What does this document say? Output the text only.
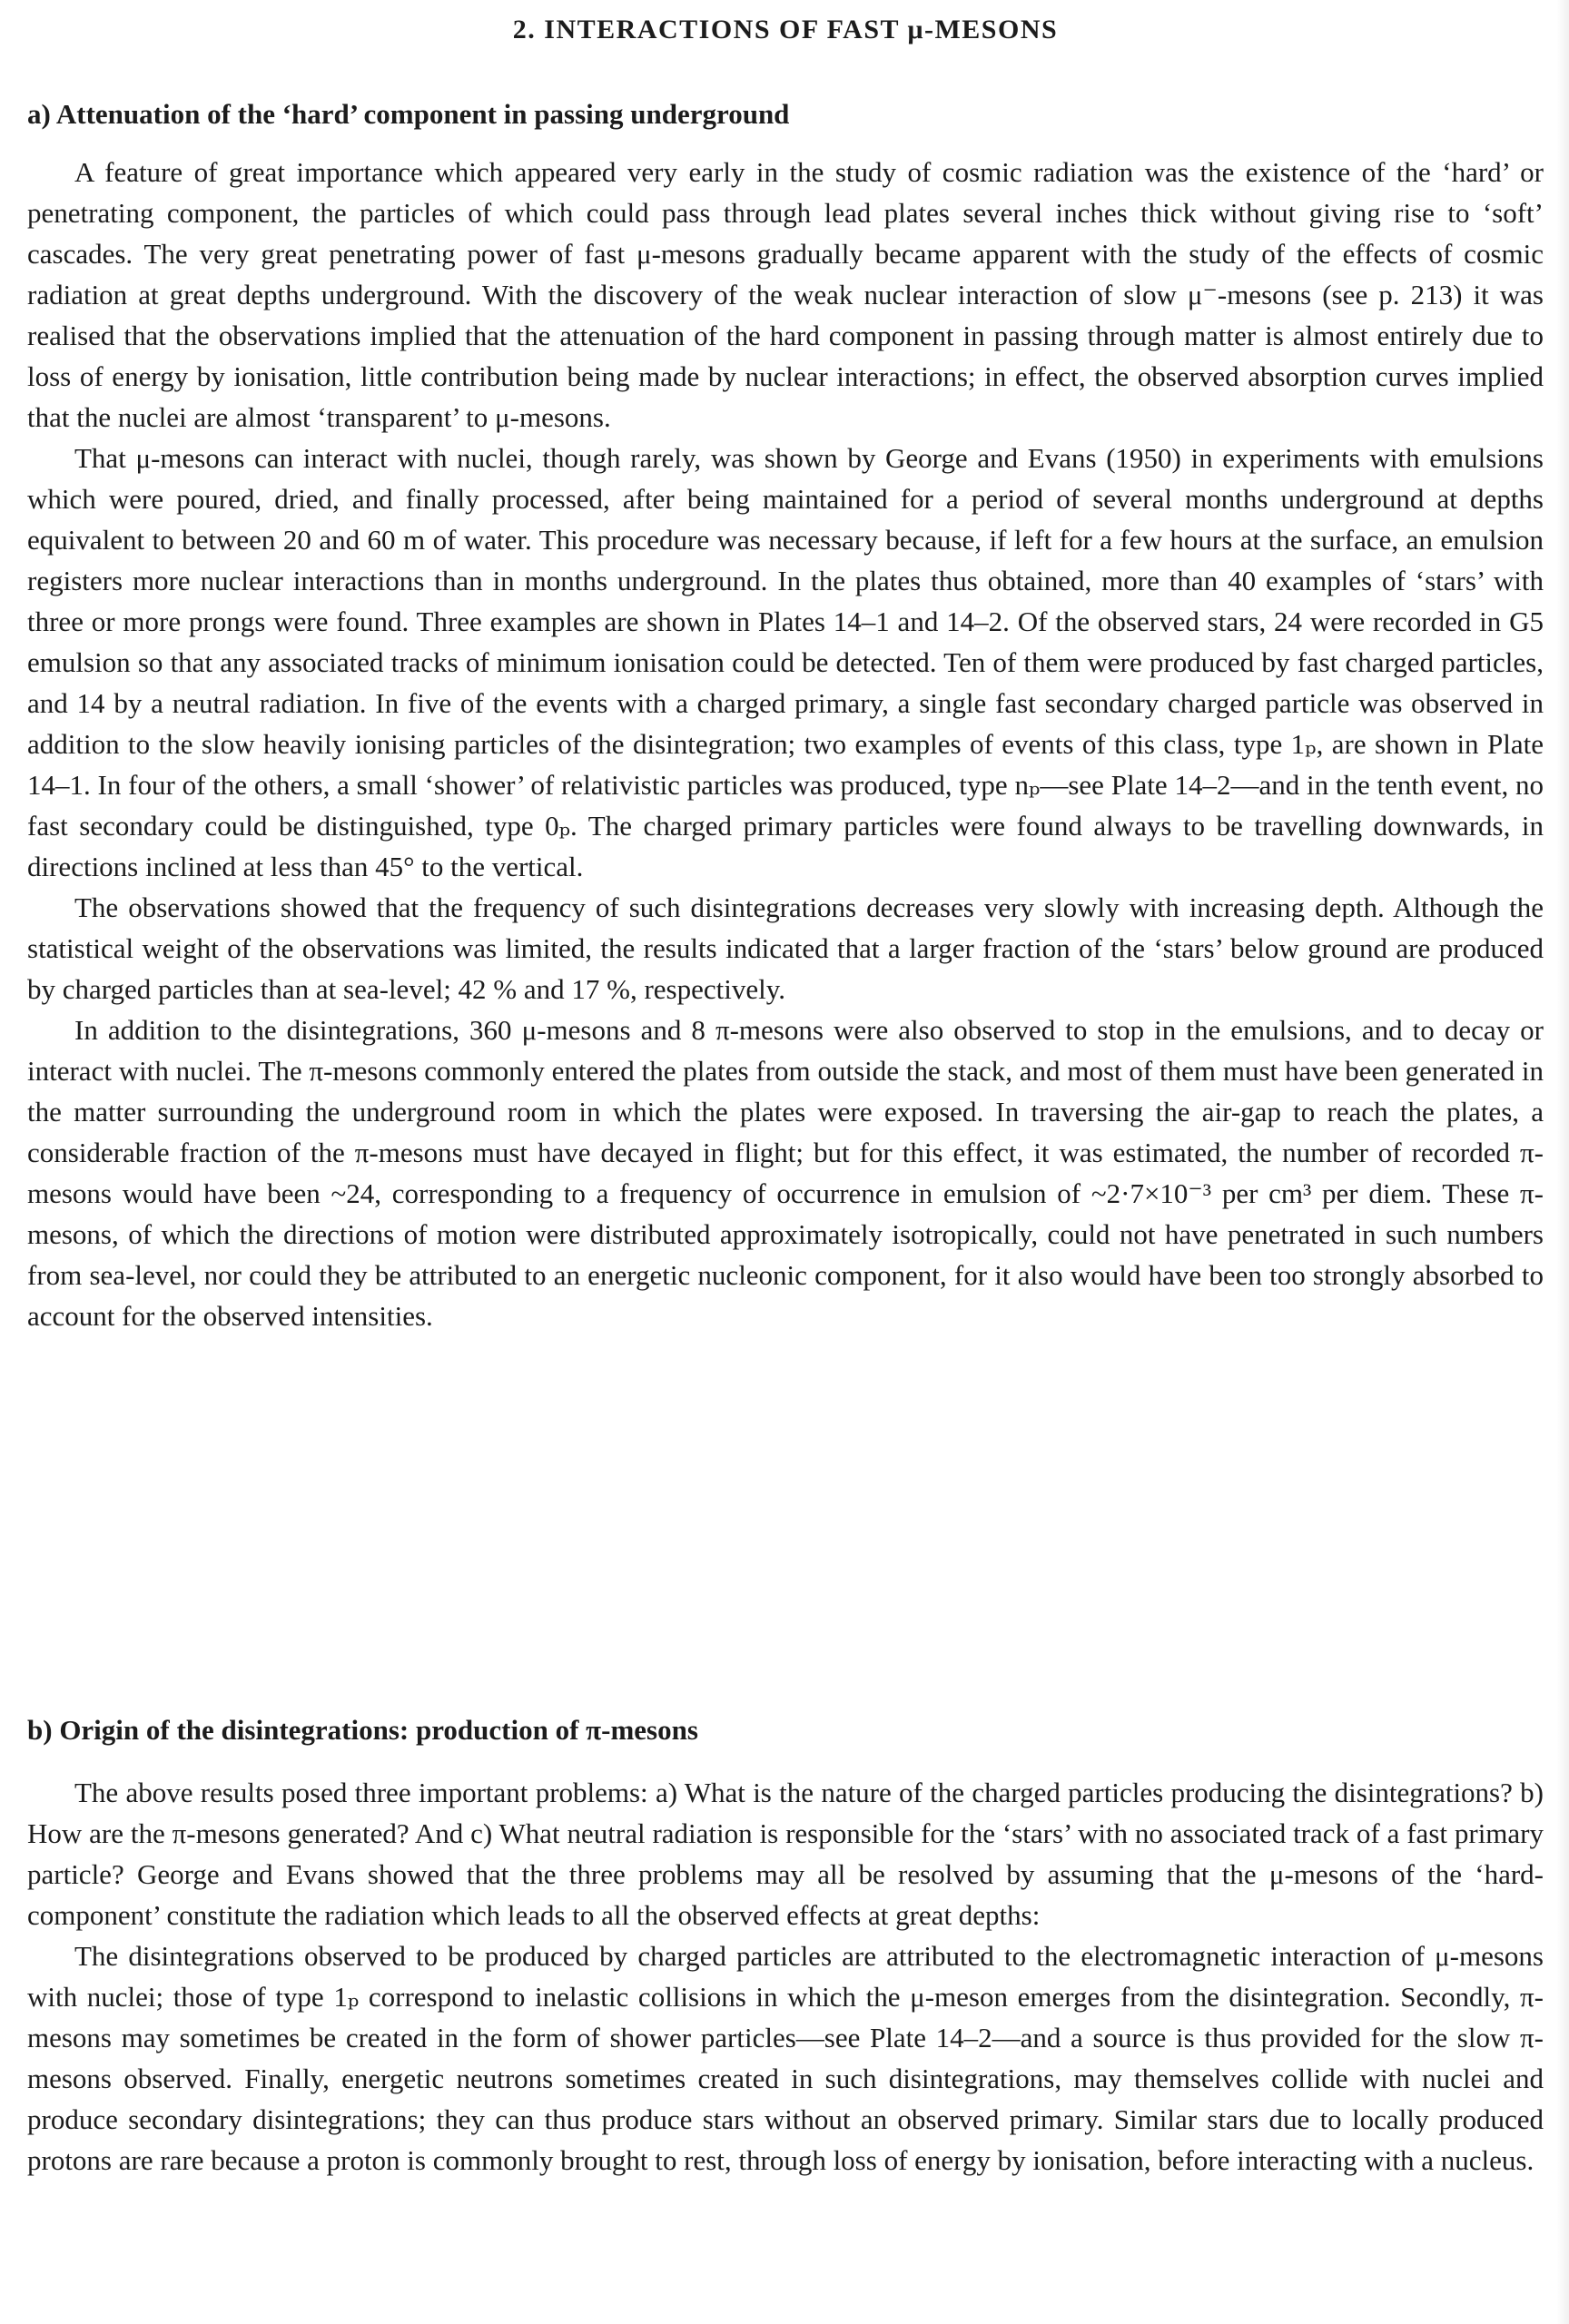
2. INTERACTIONS OF FAST μ-MESONS
a) Attenuation of the ‘hard’ component in passing underground

A feature of great importance which appeared very early in the study of cosmic radiation was the existence of the ‘hard’ or penetrating component, the particles of which could pass through lead plates several inches thick without giving rise to ‘soft’ cascades. The very great penetrating power of fast μ-mesons gradually became apparent with the study of the effects of cosmic radiation at great depths underground. With the discovery of the weak nuclear interaction of slow μ⁻-mesons (see p. 213) it was realised that the observations implied that the attenuation of the hard component in passing through matter is almost entirely due to loss of energy by ionisation, little contribution being made by nuclear interactions; in effect, the observed absorption curves implied that the nuclei are almost ‘transparent’ to μ-mesons.

That μ-mesons can interact with nuclei, though rarely, was shown by George and Evans (1950) in experiments with emulsions which were poured, dried, and finally processed, after being maintained for a period of several months underground at depths equivalent to between 20 and 60 m of water. This procedure was necessary because, if left for a few hours at the surface, an emulsion registers more nuclear interactions than in months underground. In the plates thus obtained, more than 40 examples of ‘stars’ with three or more prongs were found. Three examples are shown in Plates 14–1 and 14–2. Of the observed stars, 24 were recorded in G5 emulsion so that any associated tracks of minimum ionisation could be detected. Ten of them were produced by fast charged particles, and 14 by a neutral radiation. In five of the events with a charged primary, a single fast secondary charged particle was observed in addition to the slow heavily ionising particles of the disintegration; two examples of events of this class, type 1ₚ, are shown in Plate 14–1. In four of the others, a small ‘shower’ of relativistic particles was produced, type nₚ—see Plate 14–2—and in the tenth event, no fast secondary could be distinguished, type 0ₚ. The charged primary particles were found always to be travelling downwards, in directions inclined at less than 45° to the vertical.

The observations showed that the frequency of such disintegrations decreases very slowly with increasing depth. Although the statistical weight of the observations was limited, the results indicated that a larger fraction of the ‘stars’ below ground are produced by charged particles than at sea-level; 42 % and 17 %, respectively.

In addition to the disintegrations, 360 μ-mesons and 8 π-mesons were also observed to stop in the emulsions, and to decay or interact with nuclei. The π-mesons commonly entered the plates from outside the stack, and most of them must have been generated in the matter surrounding the underground room in which the plates were exposed. In traversing the air-gap to reach the plates, a considerable fraction of the π-mesons must have decayed in flight; but for this effect, it was estimated, the number of recorded π-mesons would have been ~24, corresponding to a frequency of occurrence in emulsion of ~2·7×10⁻³ per cm³ per diem. These π-mesons, of which the directions of motion were distributed approximately isotropically, could not have penetrated in such numbers from sea-level, nor could they be attributed to an energetic nucleonic component, for it also would have been too strongly absorbed to account for the observed intensities.

b) Origin of the disintegrations: production of π-mesons

The above results posed three important problems: a) What is the nature of the charged particles producing the disintegrations? b) How are the π-mesons generated? And c) What neutral radiation is responsible for the ‘stars’ with no associated track of a fast primary particle? George and Evans showed that the three problems may all be resolved by assuming that the μ-mesons of the ‘hard-component’ constitute the radiation which leads to all the observed effects at great depths:

The disintegrations observed to be produced by charged particles are attributed to the electromagnetic interaction of μ-mesons with nuclei; those of type 1ₚ correspond to inelastic collisions in which the μ-meson emerges from the disintegration. Secondly, π-mesons may sometimes be created in the form of shower particles—see Plate 14–2—and a source is thus provided for the slow π-mesons observed. Finally, energetic neutrons sometimes created in such disintegrations, may themselves collide with nuclei and produce secondary disintegrations; they can thus produce stars without an observed primary. Similar stars due to locally produced protons are rare because a proton is commonly brought to rest, through loss of energy by ionisation, before interacting with a nucleus.
